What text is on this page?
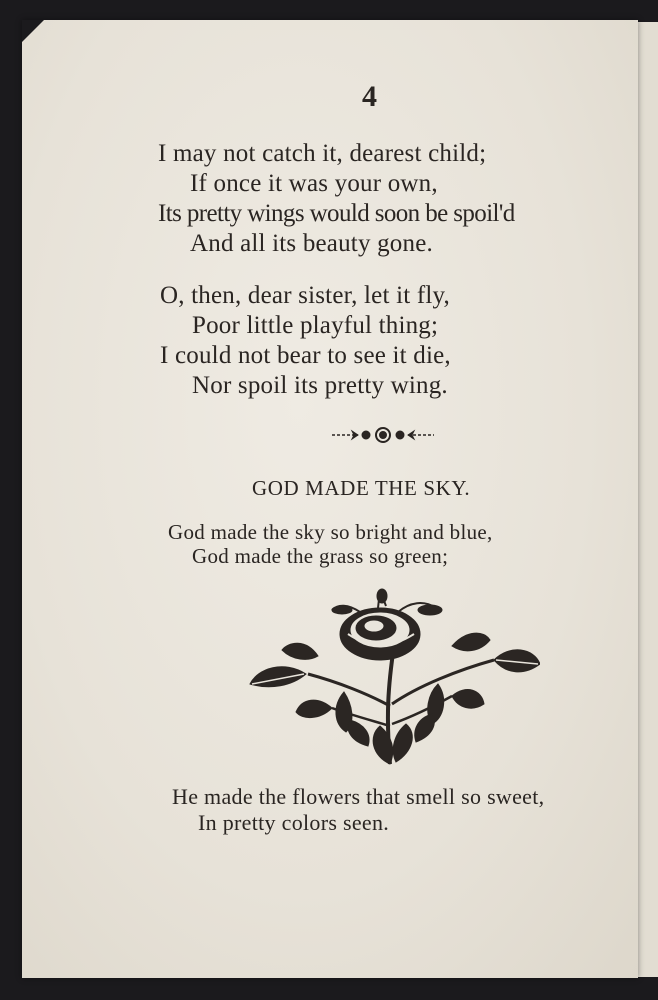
4
I may not catch it, dearest child;
If once it was your own,
Its pretty wings would soon be spoil'd
And all its beauty gone.
O, then, dear sister, let it fly,
Poor little playful thing;
I could not bear to see it die,
Nor spoil its pretty wing.
GOD MADE THE SKY.
God made the sky so bright and blue,
God made the grass so green;
He made the flowers that smell so sweet,
In pretty colors seen.
